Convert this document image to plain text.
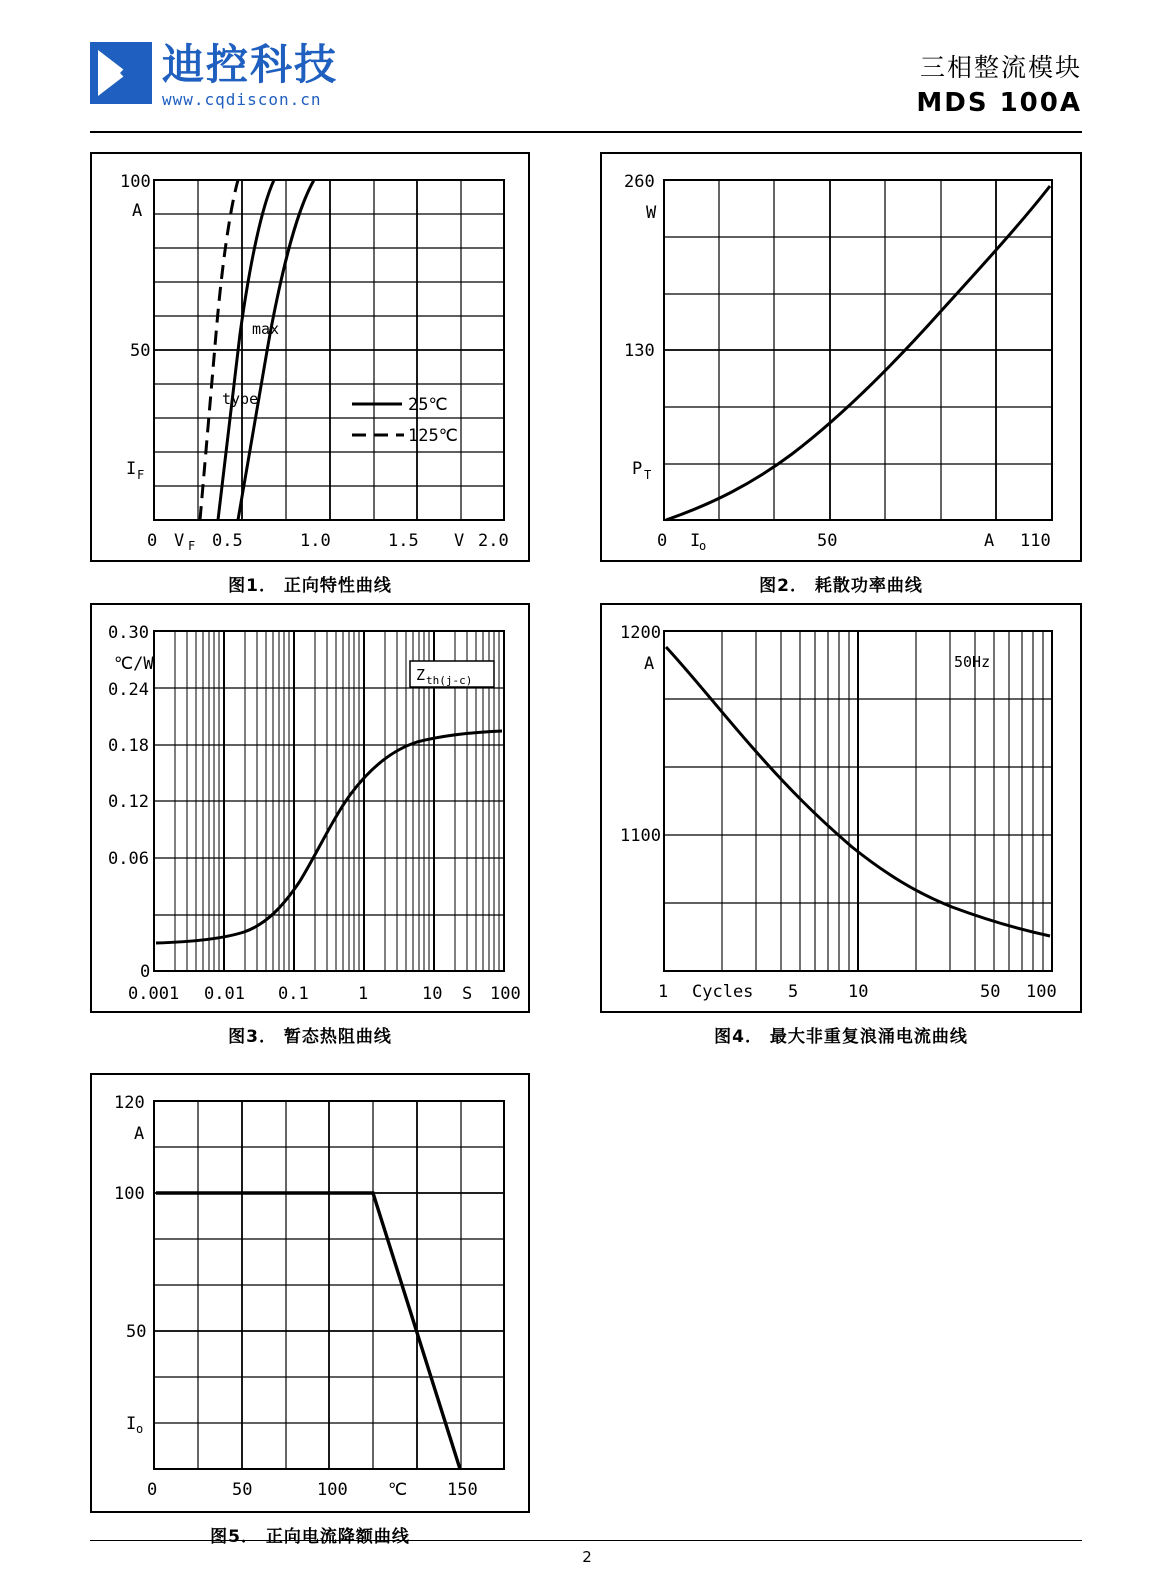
迪控科技
www.cqdiscon.cn
三相整流模块
MDS 100A
max
type	25℃
125℃
100
50
A
I F
0 V F 0.5	1.0	1.5 V 2.0
图1． 正向特性曲线
260
W
130
P T
0 I
o	50	A 110
图2． 耗散功率曲线
Z th(j-c)
0.30
℃/W
0.24
0.18
0.12
0.06
0
0.001 0.01 0.1	1	10 S 100
图3． 暂态热阻曲线
50Hz
1200
A
1100
1 Cycles 5	10	50 100
图4． 最大非重复浪涌电流曲线
120
A
100
50
I o
0	50	100 ℃ 150
图5． 正向电流降额曲线
2
